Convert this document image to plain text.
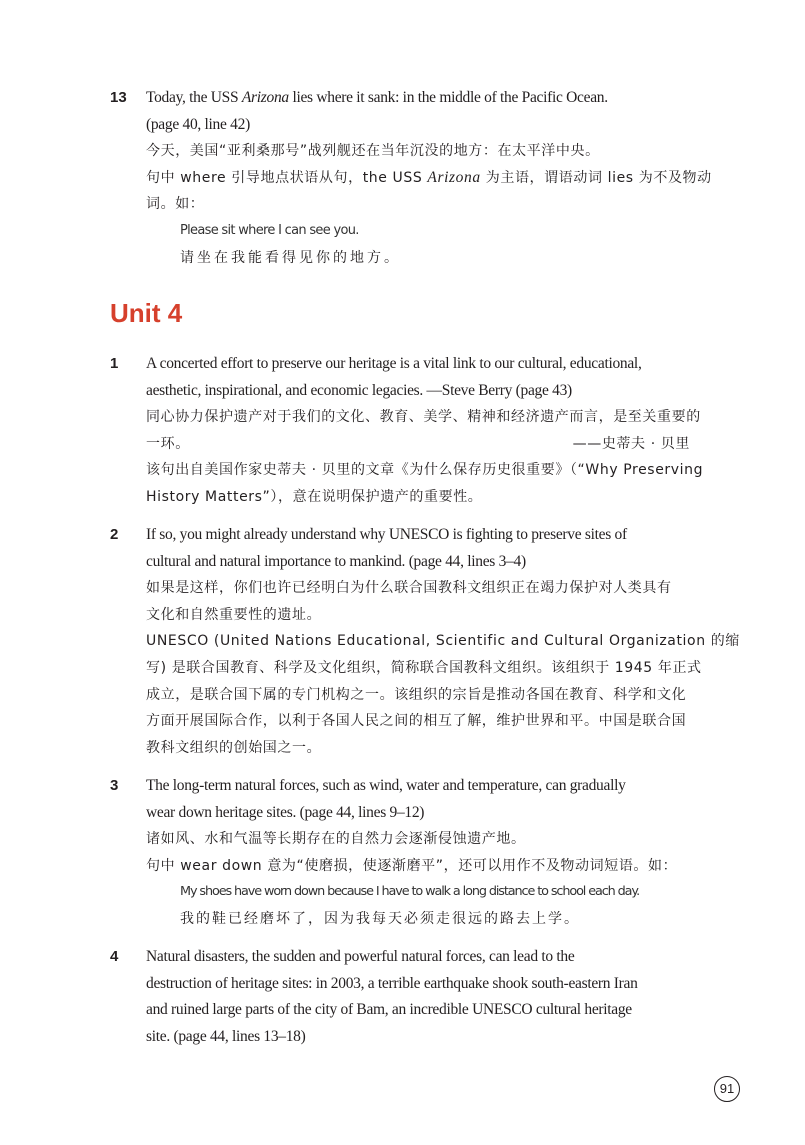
13 Today, the USS Arizona lies where it sank: in the middle of the Pacific Ocean.
(page 40, line 42)
今天，美国“亚利桑那号”战列舰还在当年沉没的地方：在太平洋中央。
句中 where 引导地点状语从句，the USS Arizona 为主语，谓语动词 lies 为不及物动
词。如：
Please sit where I can see you.
请坐在我能看得见你的地方。
Unit 4
1 A concerted effort to preserve our heritage is a vital link to our cultural, educational,
aesthetic, inspirational, and economic legacies. —Steve Berry (page 43)
同心协力保护遗产对于我们的文化、教育、美学、精神和经济遗产而言，是至关重要的
一环。	——史蒂夫 · 贝里
该句出自美国作家史蒂夫 · 贝里的文章《为什么保存历史很重要》（“Why Preserving
History Matters”），意在说明保护遗产的重要性。
2 If so, you might already understand why UNESCO is fighting to preserve sites of
cultural and natural importance to mankind. (page 44, lines 3–4)
如果是这样，你们也许已经明白为什么联合国教科文组织正在竭力保护对人类具有
文化和自然重要性的遗址。
UNESCO (United Nations Educational, Scientific and Cultural Organization 的缩
写) 是联合国教育、科学及文化组织，简称联合国教科文组织。该组织于 1945 年正式
成立，是联合国下属的专门机构之一。该组织的宗旨是推动各国在教育、科学和文化
方面开展国际合作，以利于各国人民之间的相互了解，维护世界和平。中国是联合国
教科文组织的创始国之一。
3 The long-term natural forces, such as wind, water and temperature, can gradually
wear down heritage sites. (page 44, lines 9–12)
诸如风、水和气温等长期存在的自然力会逐渐侵蚀遗产地。
句中 wear down 意为“使磨损，使逐渐磨平”，还可以用作不及物动词短语。如：
My shoes have worn down because I have to walk a long distance to school each day.
我的鞋已经磨坏了，因为我每天必须走很远的路去上学。
4 Natural disasters, the sudden and powerful natural forces, can lead to the
destruction of heritage sites: in 2003, a terrible earthquake shook south-eastern Iran
and ruined large parts of the city of Bam, an incredible UNESCO cultural heritage
site. (page 44, lines 13–18)
91
